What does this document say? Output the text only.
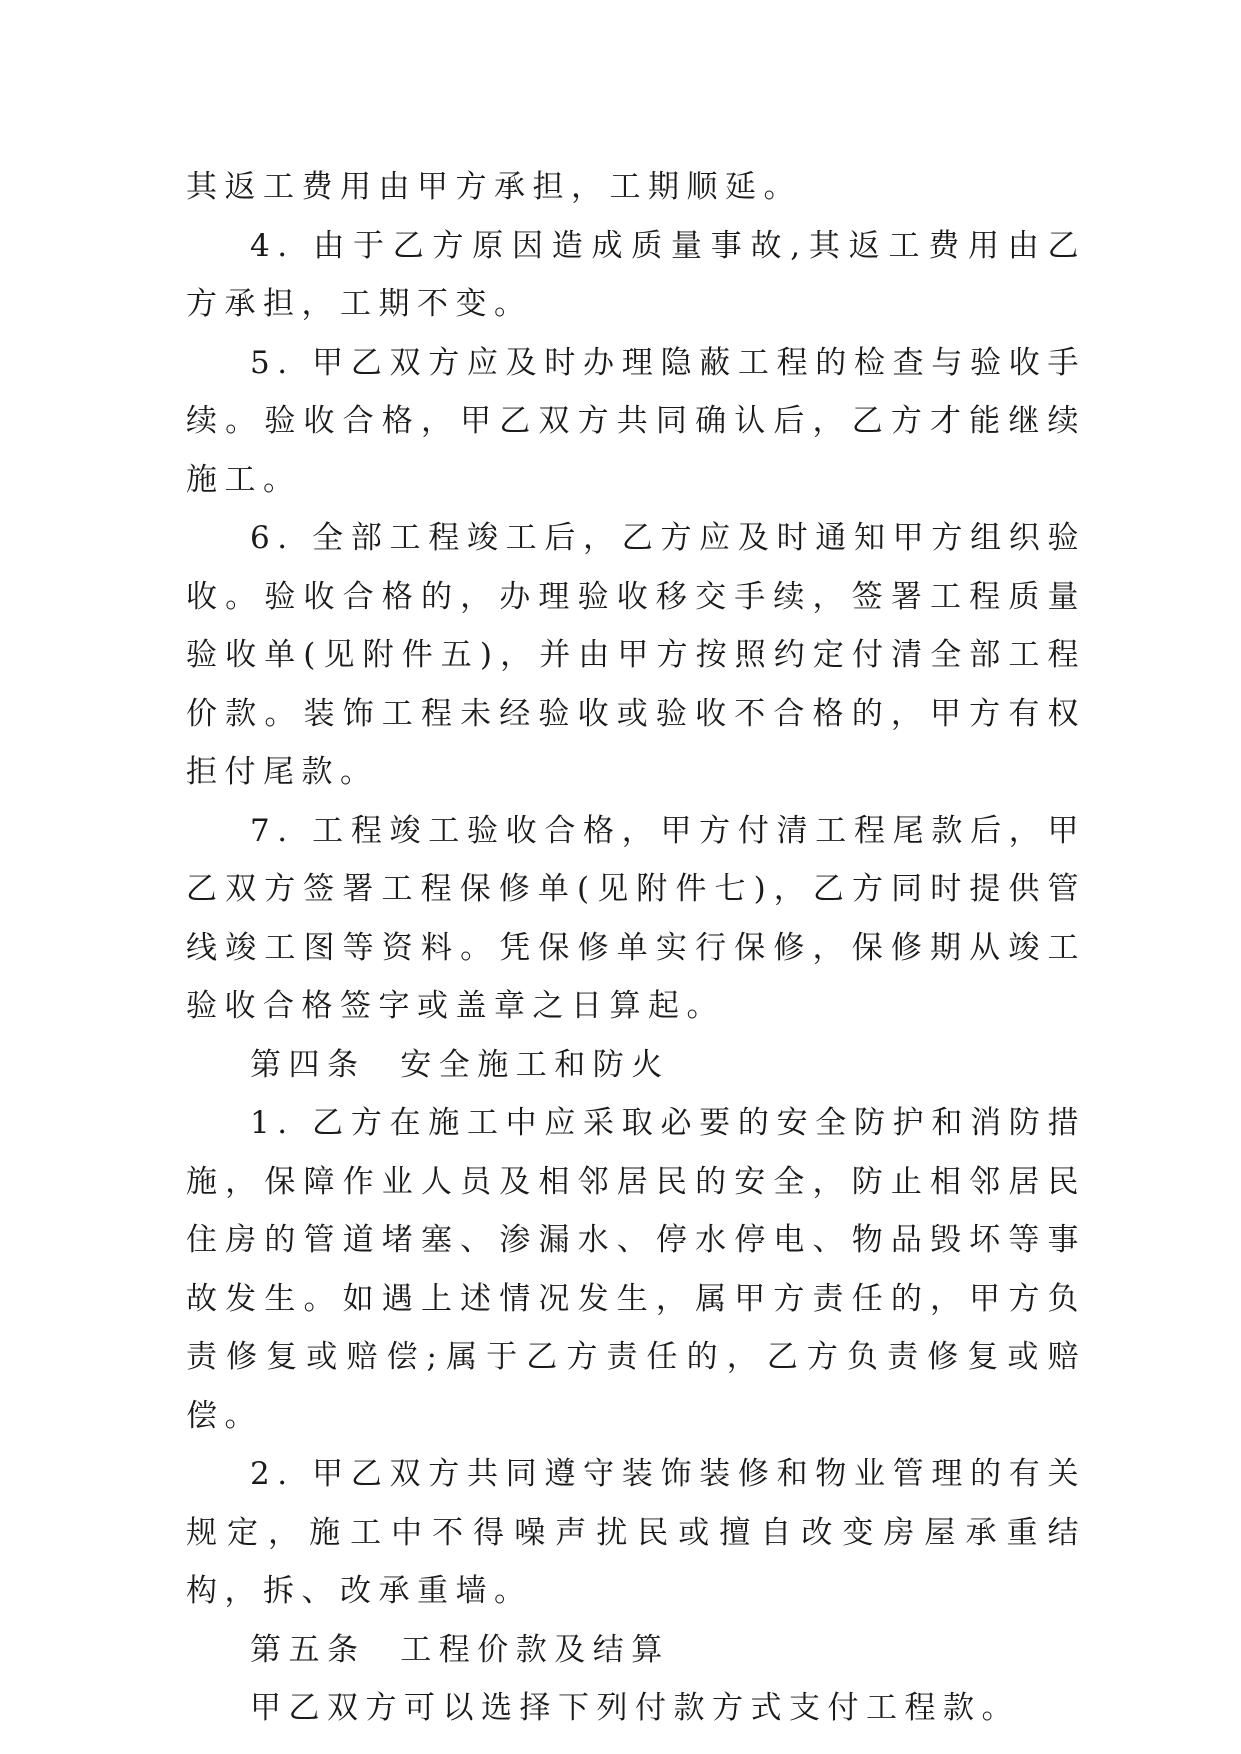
其返工费用由甲方承担，工期顺延。

4. 由于乙方原因造成质量事故,其返工费用由乙方承担，工期不变。

5. 甲乙双方应及时办理隐蔽工程的检查与验收手续。验收合格，甲乙双方共同确认后，乙方才能继续施工。

6. 全部工程竣工后，乙方应及时通知甲方组织验收。验收合格的，办理验收移交手续，签署工程质量验收单(见附件五)，并由甲方按照约定付清全部工程价款。装饰工程未经验收或验收不合格的，甲方有权拒付尾款。

7. 工程竣工验收合格，甲方付清工程尾款后，甲乙双方签署工程保修单(见附件七)，乙方同时提供管线竣工图等资料。凭保修单实行保修，保修期从竣工验收合格签字或盖章之日算起。

第四条  安全施工和防火

1. 乙方在施工中应采取必要的安全防护和消防措施，保障作业人员及相邻居民的安全，防止相邻居民住房的管道堵塞、渗漏水、停水停电、物品毁坏等事故发生。如遇上述情况发生，属甲方责任的，甲方负责修复或赔偿;属于乙方责任的，乙方负责修复或赔偿。

2. 甲乙双方共同遵守装饰装修和物业管理的有关规定，施工中不得噪声扰民或擅自改变房屋承重结构，拆、改承重墙。

第五条  工程价款及结算

甲乙双方可以选择下列付款方式支付工程款。
